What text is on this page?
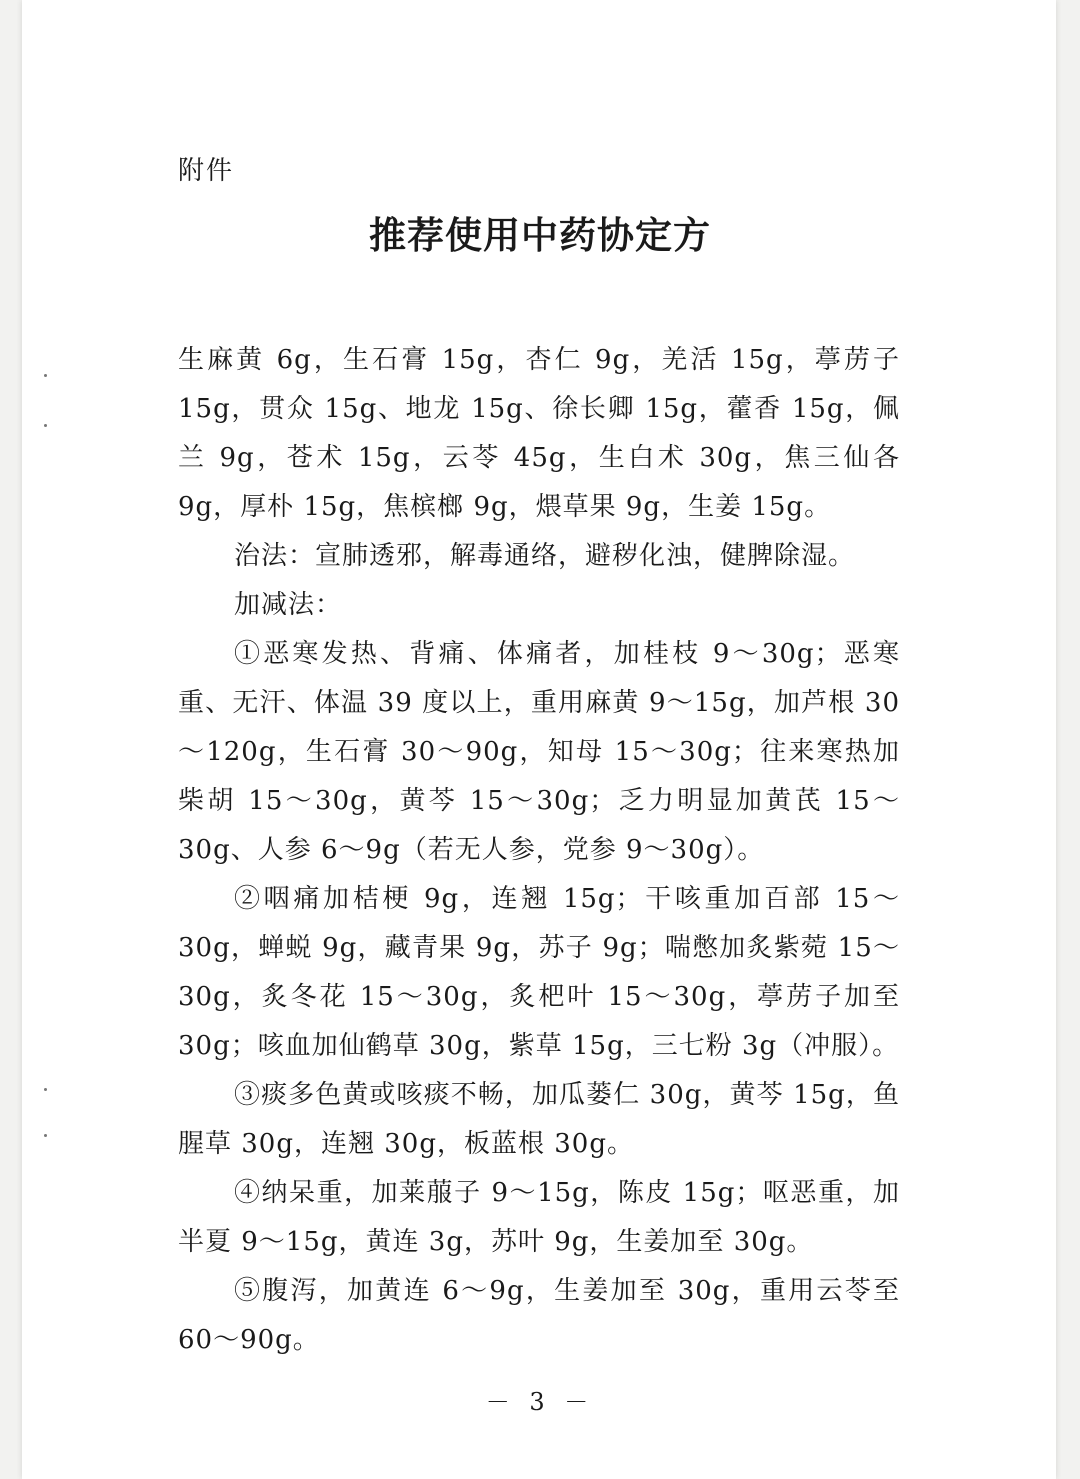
附件
推荐使用中药协定方

生麻黄 6g，生石膏 15g，杏仁 9g，羌活 15g，葶苈子 15g，贯众 15g、地龙 15g、徐长卿 15g，藿香 15g，佩兰 9g，苍术 15g，云苓 45g，生白术 30g，焦三仙各 9g，厚朴 15g，焦槟榔 9g，煨草果 9g，生姜 15g。

治法：宣肺透邪，解毒通络，避秽化浊，健脾除湿。

加减法：

①恶寒发热、背痛、体痛者，加桂枝 9～30g；恶寒重、无汗、体温 39 度以上，重用麻黄 9～15g，加芦根 30～120g，生石膏 30～90g，知母 15～30g；往来寒热加柴胡 15～30g，黄芩 15～30g；乏力明显加黄芪 15～30g、人参 6～9g（若无人参，党参 9～30g）。

②咽痛加桔梗 9g，连翘 15g；干咳重加百部 15～30g，蝉蜕 9g，藏青果 9g，苏子 9g；喘憋加炙紫菀 15～30g，炙冬花 15～30g，炙杷叶 15～30g，葶苈子加至 30g；咳血加仙鹤草 30g，紫草 15g，三七粉 3g（冲服）。

③痰多色黄或咳痰不畅，加瓜蒌仁 30g，黄芩 15g，鱼腥草 30g，连翘 30g，板蓝根 30g。

④纳呆重，加莱菔子 9～15g，陈皮 15g；呕恶重，加半夏 9～15g，黄连 3g，苏叶 9g，生姜加至 30g。

⑤腹泻，加黄连 6～9g，生姜加至 30g，重用云苓至 60～90g。

－ 3 －
